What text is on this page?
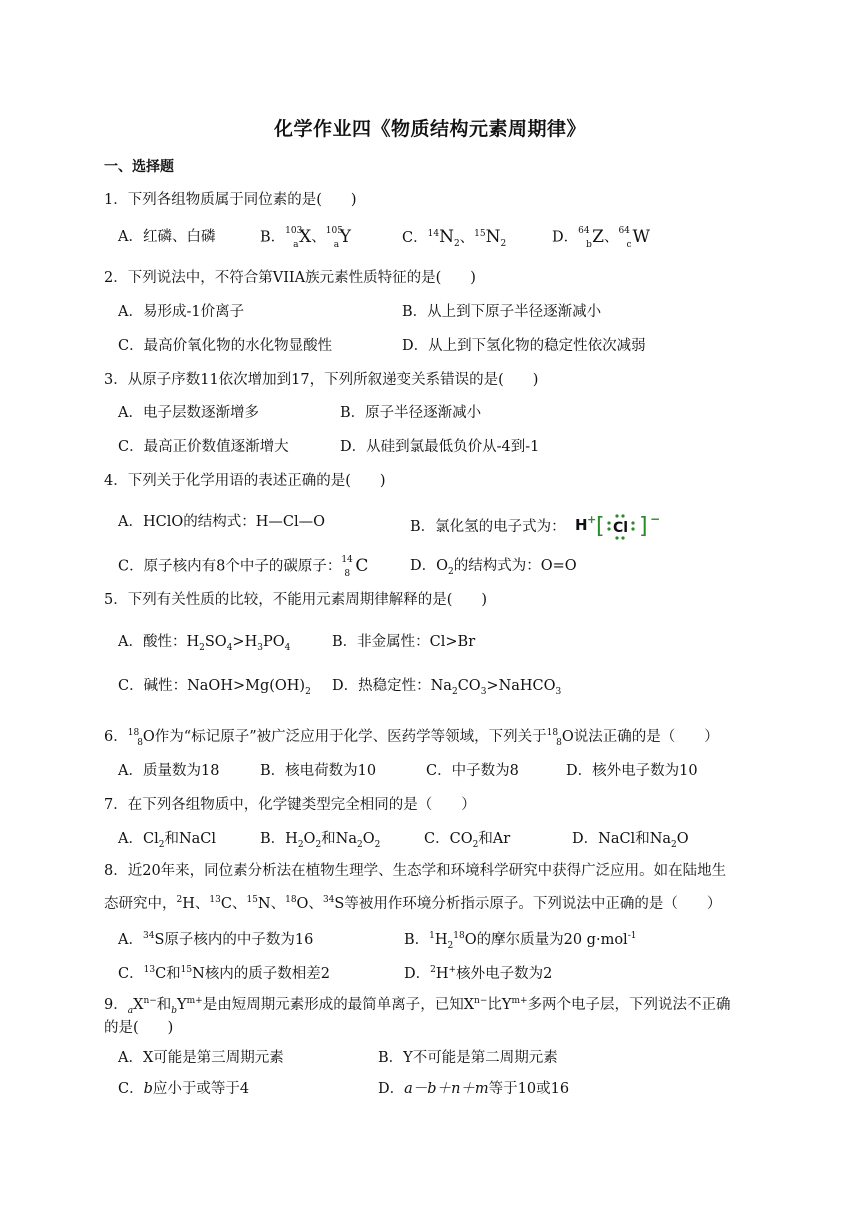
化学作业四《物质结构元素周期律》
一、选择题
1．下列各组物质属于同位素的是(　　)
A．红磷、白磷	B． 103
a X、 105
a Y	C．$^{14}N_2$、$^{15}N_2$	D． 64
b Z、 64
c W
2．下列说法中，不符合第VIIA族元素性质特征的是(　　)
A．易形成-1价离子	B．从上到下原子半径逐渐减小
C．最高价氧化物的水化物显酸性	D．从上到下氢化物的稳定性依次减弱
3．从原子序数11依次增加到17，下列所叙递变关系错误的是(　　)
A．电子层数逐渐增多	B．原子半径逐渐减小
C．最高正价数值逐渐增大	D．从硅到氯最低负价从-4到-1
4．下列关于化学用语的表述正确的是(　　)
A．HClO的结构式：H—Cl—O	B．氯化氢的电子式为： H + [ Cl ] −
C．原子核内有8个中子的碳原子： 14
8 C	D．$O_2$的结构式为：O=O
5．下列有关性质的比较，不能用元素周期律解释的是(　　)
A．酸性：$H_2SO_4>H_3PO_4$	B．非金属性：Cl>Br
C．碱性：$NaOH>Mg(OH)_2$ D．热稳定性：$Na_2CO_3>NaHCO_3$
6．$^{18}_8$O作为“标记原子”被广泛应用于化学、医药学等领域，下列关于$^{18}_8$O说法正确的是（　　）
A．质量数为18	B．核电荷数为10	C．中子数为8	D．核外电子数为10
7．在下列各组物质中，化学键类型完全相同的是（　　）
A．$Cl_2$和NaCl	B．$H_2O_2$和$Na_2O_2$	C．$CO_2$和Ar	D．NaCl和$Na_2O$
8．近20年来，同位素分析法在植物生理学、生态学和环境科学研究中获得广泛应用。如在陆地生
态研究中，$^2$H、$^{13}$C、$^{15}$N、$^{18}$O、$^{34}$S等被用作环境分析指示原子。下列说法中正确的是（　　）
A．$^{34}$S原子核内的中子数为16	B．$^1H_2^{18}O$的摩尔质量为20 g·mol$^{-1}$
C．$^{13}$C和$^{15}$N核内的质子数相差2	D．$^2$H+核外电子数为2
9．$_aX^{n-}$和$_bY^{m+}$是由短周期元素形成的最简单离子，已知$X^{n-}$比$Y^{m+}$多两个电子层，下列说法不正确
的是(　　)
A．X可能是第三周期元素	B．Y不可能是第二周期元素
C．b应小于或等于4	D．a－b＋n＋m等于10或16
